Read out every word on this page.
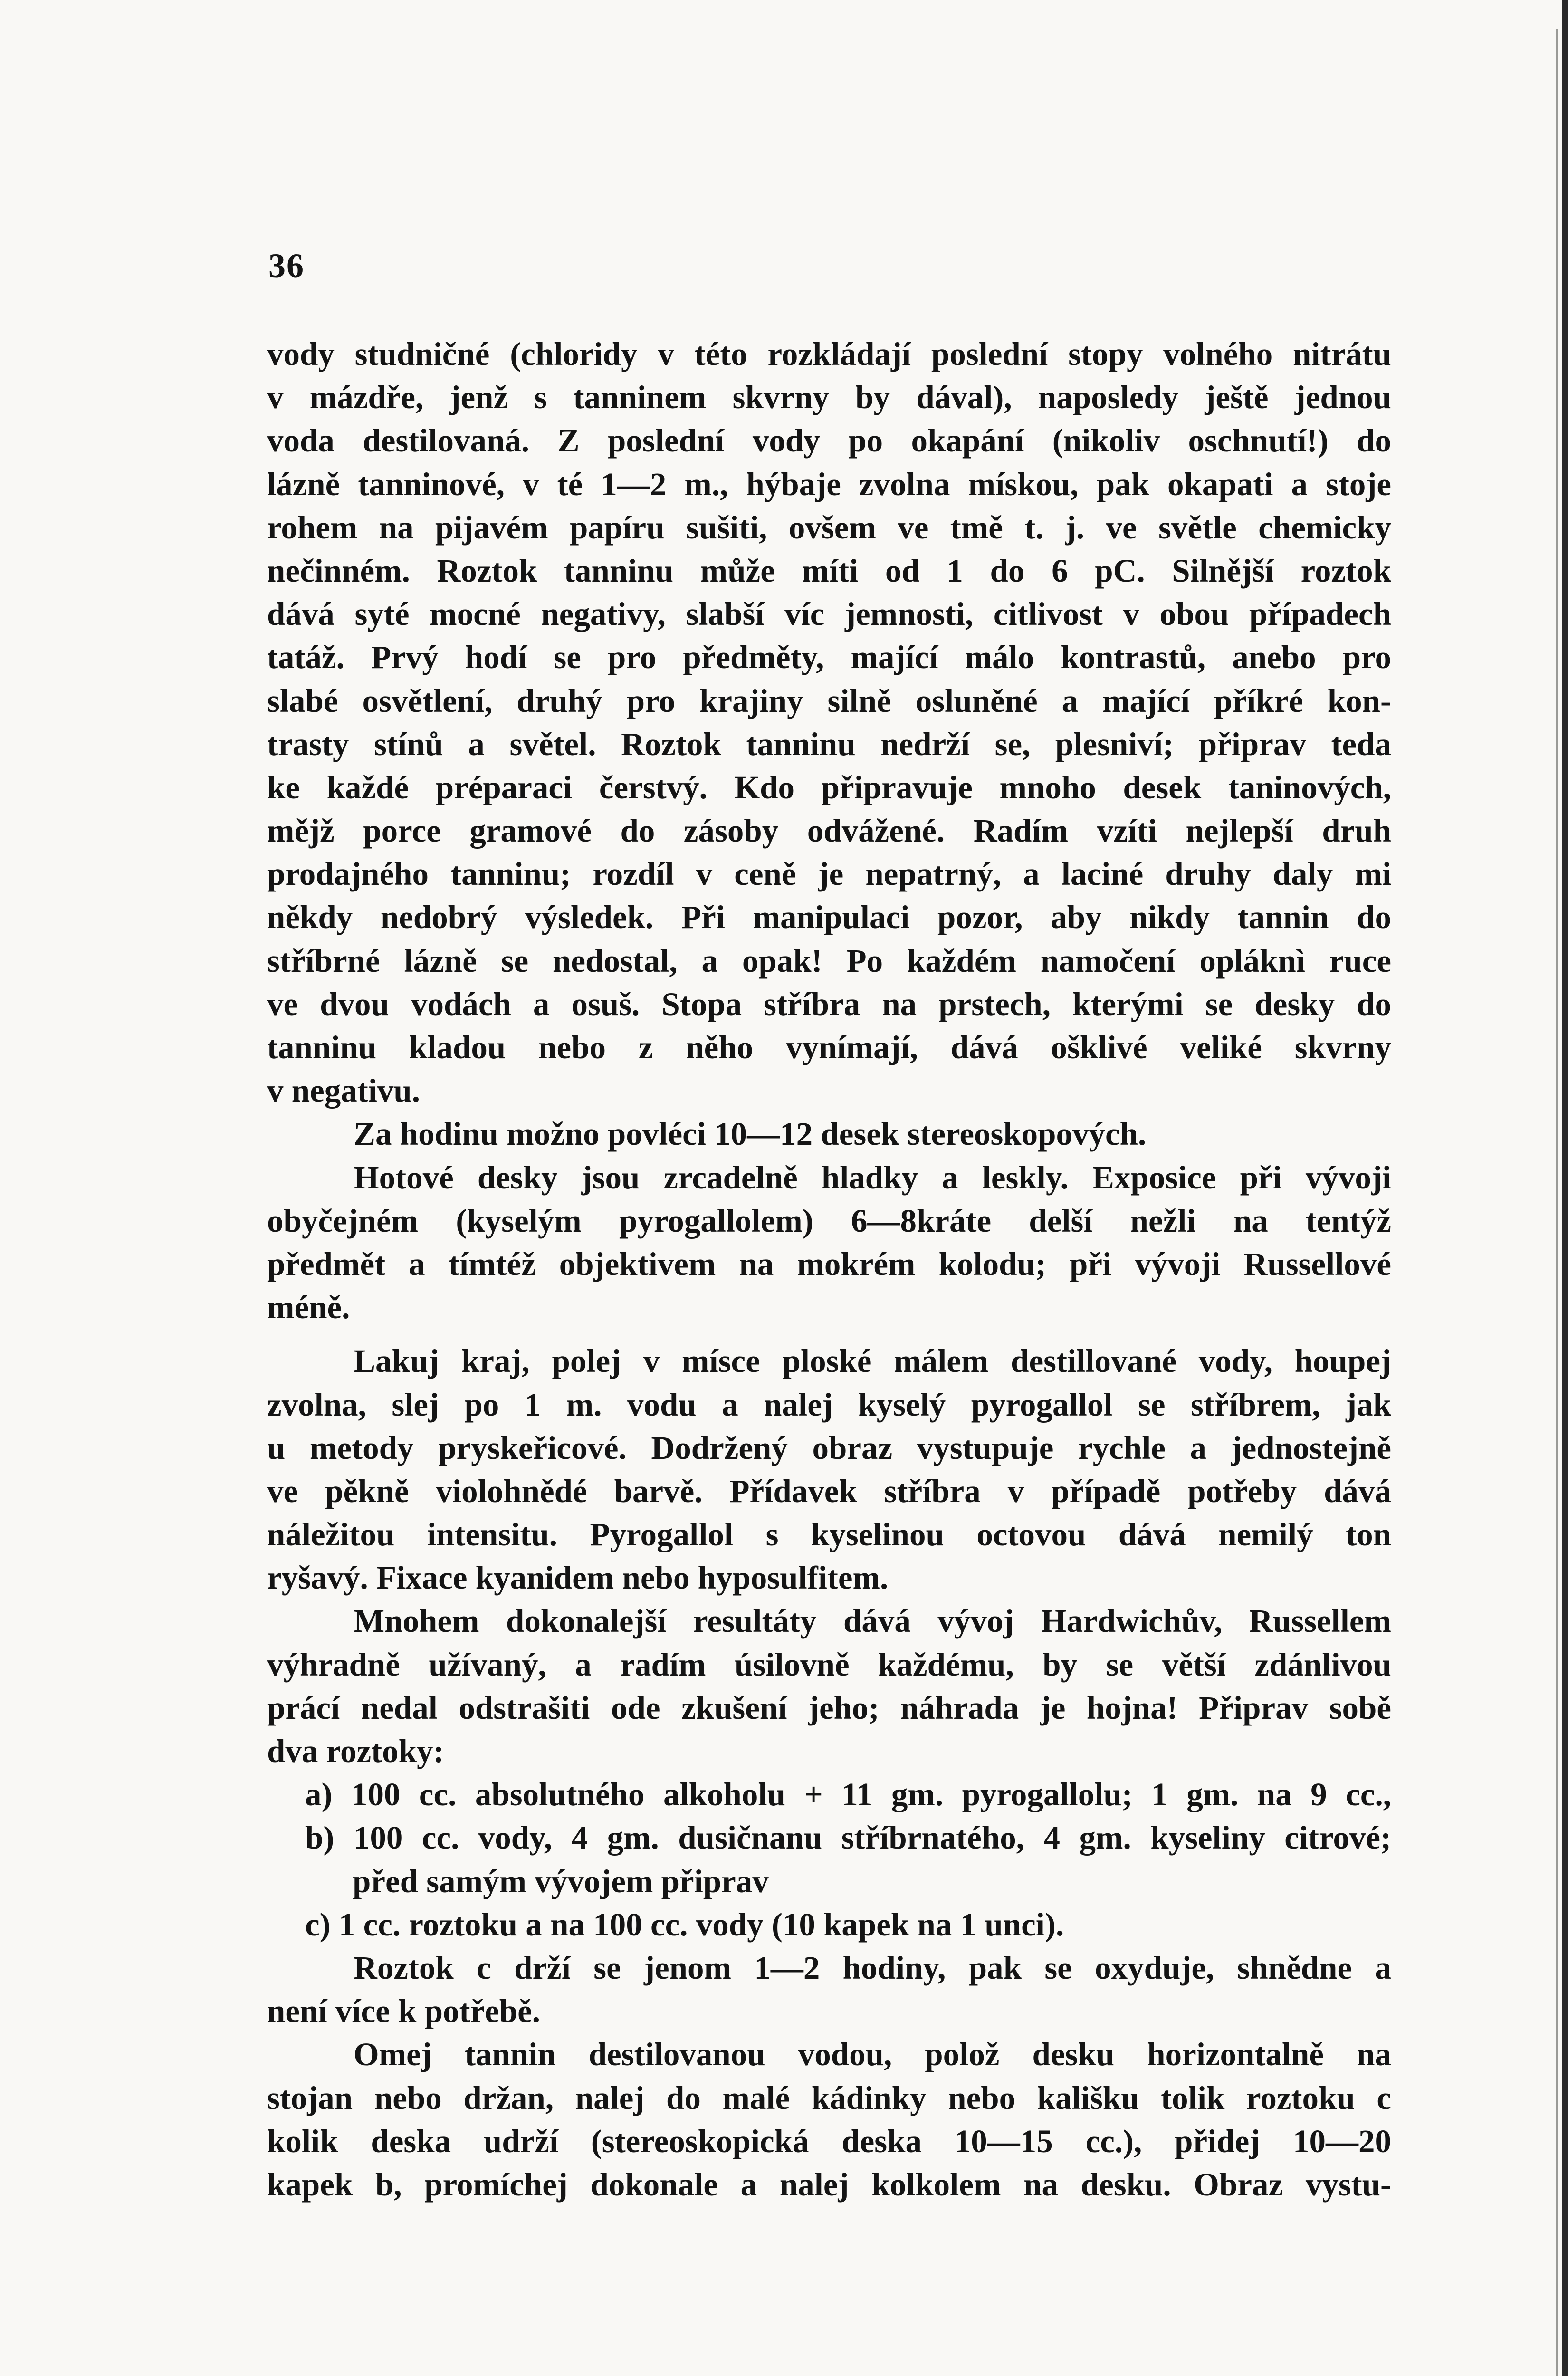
36
vody studničné (chloridy v této rozkládají poslední stopy volného nitrátu
v mázdře, jenž s tanninem skvrny by dával), naposledy ještě jednou
voda destilovaná. Z poslední vody po okapání (nikoliv oschnutí!) do
lázně tanninové, v té 1—2 m., hýbaje zvolna mískou, pak okapati a stoje
rohem na pijavém papíru sušiti, ovšem ve tmě t. j. ve světle chemicky
nečinném. Roztok tanninu může míti od 1 do 6 pC. Silnější roztok
dává syté mocné negativy, slabší víc jemnosti, citlivost v obou případech
tatáž. Prvý hodí se pro předměty, mající málo kontrastů, anebo pro
slabé osvětlení, druhý pro krajiny silně osluněné a mající příkré kon-
trasty stínů a světel. Roztok tanninu nedrží se, plesniví; připrav teda
ke každé préparaci čerstvý. Kdo připravuje mnoho desek taninových,
mějž porce gramové do zásoby odvážené. Radím vzíti nejlepší druh
prodajného tanninu; rozdíl v ceně je nepatrný, a laciné druhy daly mi
někdy nedobrý výsledek. Při manipulaci pozor, aby nikdy tannin do
stříbrné lázně se nedostal, a opak! Po každém namočení opláknì ruce
ve dvou vodách a osuš. Stopa stříbra na prstech, kterými se desky do
tanninu kladou nebo z něho vynímají, dává ošklivé veliké skvrny
v negativu.
Za hodinu možno povléci 10—12 desek stereoskopových.
Hotové desky jsou zrcadelně hladky a leskly. Exposice při vývoji
obyčejném (kyselým pyrogallolem) 6—8kráte delší nežli na tentýž
předmět a tímtéž objektivem na mokrém kolodu; při vývoji Russellové
méně.
Lakuj kraj, polej v míscе ploské málem destillované vody, houpej
zvolna, slej po 1 m. vodu a nalej kyselý pyrogallol se stříbrem, jak
u metody pryskeřicové. Dodržený obraz vystupuje rychle a jednostejně
ve pěkně violohnědé barvě. Přídavek stříbra v případě potřeby dává
náležitou intensitu. Pyrogallol s kyselinou octovou dává nemilý ton
ryšavý. Fixace kyanidem nebo hyposulfitem.
Mnohem dokonalejší resultáty dává vývoj Hardwichův, Russellem
výhradně užívaný, a radím úsilovně každému, by se větší zdánlivou
prácí nedal odstrašiti ode zkušení jeho; náhrada je hojna! Připrav sobě
dva roztoky:
a) 100 cc. absolutného alkoholu + 11 gm. pyrogallolu; 1 gm. na 9 cc.,
b) 100 cc. vody, 4 gm. dusičnanu stříbrnatého, 4 gm. kyseliny citrové;
před samým vývojem připrav
c) 1 cc. roztoku a na 100 cc. vody (10 kapek na 1 unci).
Roztok c drží se jenom 1—2 hodiny, pak se oxyduje, shnědne a
není více k potřebě.
Omej tannin destilovanou vodou, polož desku horizontalně na
stojan nebo držan, nalej do malé kádinky nebo kališku tolik roztoku c
kolik deska udrží (stereoskopická deska 10—15 cc.), přidej 10—20
kapek b, promíchej dokonale a nalej kolkolem na desku. Obraz vystu-
